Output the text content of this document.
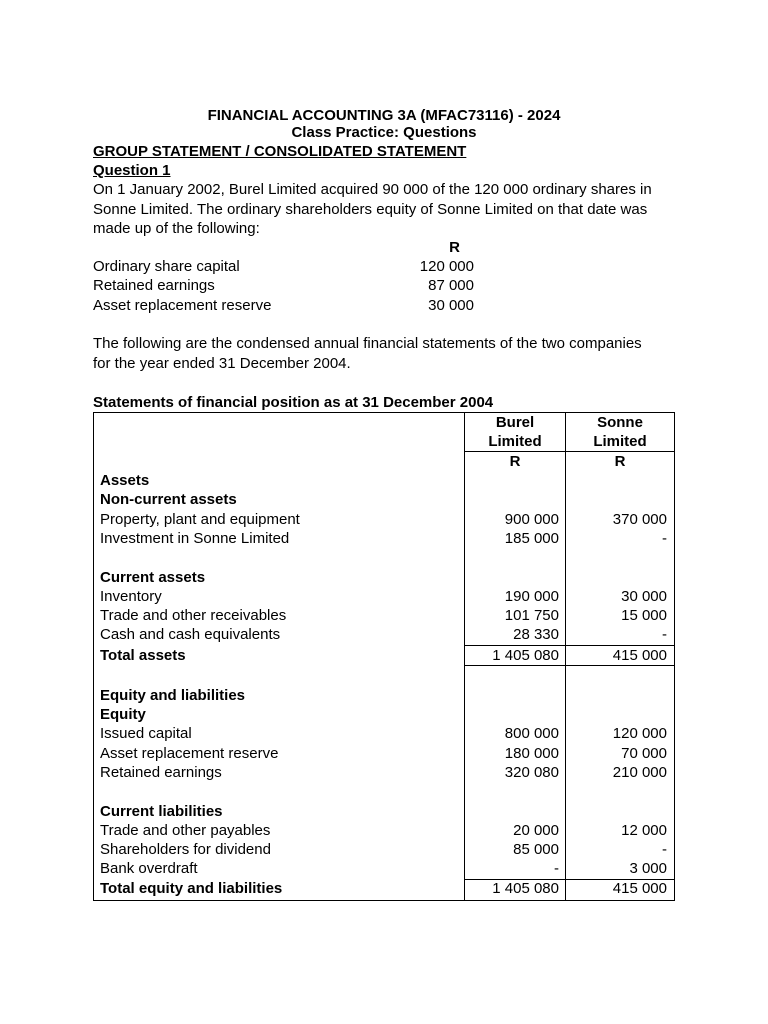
FINANCIAL ACCOUNTING 3A (MFAC73116) - 2024
Class Practice: Questions
GROUP STATEMENT / CONSOLIDATED STATEMENT
Question 1
On 1 January 2002, Burel Limited acquired 90 000 of the 120 000 ordinary shares in
Sonne Limited. The ordinary shareholders equity of Sonne Limited on that date was
made up of the following:
R
Ordinary share capital	120 000
Retained earnings	87 000
Asset replacement reserve	30 000
The following are the condensed annual financial statements of the two companies
for the year ended 31 December 2004.
Statements of financial position as at 31 December 2004
Burel
Limited
Sonne
Limited
R	R
Assets
Non-current assets
Property, plant and equipment	900 000	370 000
Investment in Sonne Limited	185 000	-
Current assets
Inventory	190 000	30 000
Trade and other receivables	101 750	15 000
Cash and cash equivalents	28 330	-
Total assets	1 405 080	415 000
Equity and liabilities
Equity
Issued capital	800 000	120 000
Asset replacement reserve	180 000	70 000
Retained earnings	320 080	210 000
Current liabilities
Trade and other payables	20 000	12 000
Shareholders for dividend	85 000	-
Bank overdraft	-	3 000
Total equity and liabilities	1 405 080	415 000
